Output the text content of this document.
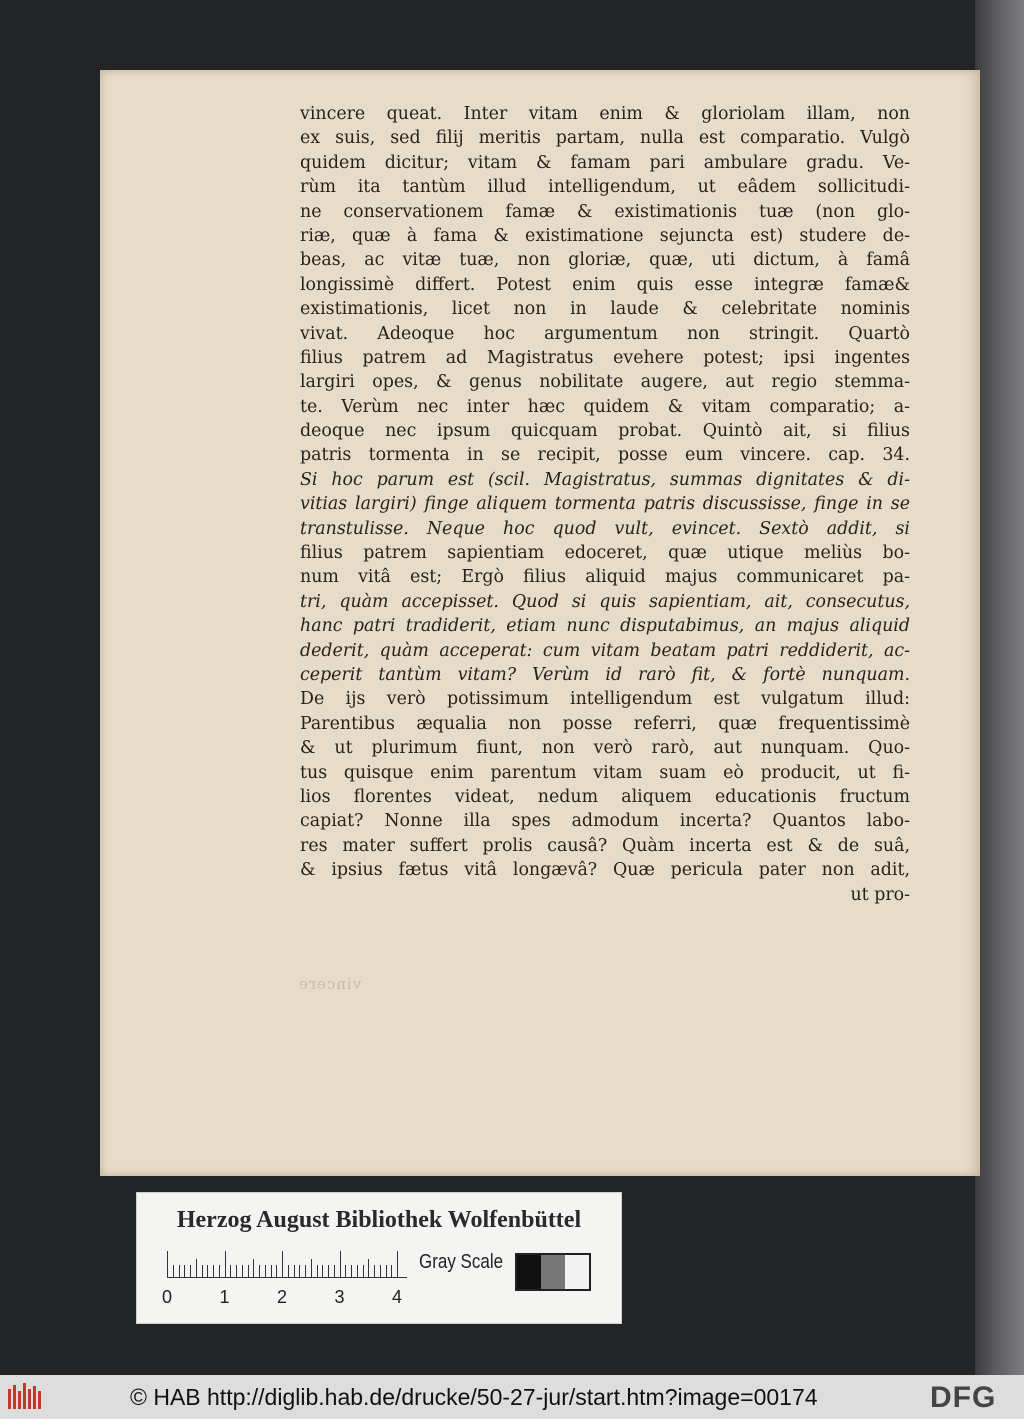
vincere queat. Inter vitam enim & gloriolam illam, non
ex suis, sed filij meritis partam, nulla est comparatio. Vulgò
quidem dicitur; vitam & famam pari ambulare gradu. Ve-
rùm ita tantùm illud intelligendum, ut eâdem sollicitudi-
ne conservationem famæ & existimationis tuæ (non glo-
riæ, quæ à fama & existimatione sejuncta est) studere de-
beas, ac vitæ tuæ, non gloriæ, quæ, uti dictum, à famâ
longissimè differt. Potest enim quis esse integræ famæ&
existimationis, licet non in laude & celebritate nominis
vivat. Adeoque hoc argumentum non stringit. Quartò
filius patrem ad Magistratus evehere potest; ipsi ingentes
largiri opes, & genus nobilitate augere, aut regio stemma-
te. Verùm nec inter hæc quidem & vitam comparatio; a-
deoque nec ipsum quicquam probat. Quintò ait, si filius
patris tormenta in se recipit, posse eum vincere. cap. 34.
Si hoc parum est (scil. Magistratus, summas dignitates & di-
vitias largiri) finge aliquem tormenta patris discussisse, finge in se
transtulisse. Neque hoc quod vult, evincet. Sextò addit, si
filius patrem sapientiam edoceret, quæ utique meliùs bo-
num vitâ est; Ergò filius aliquid majus communicaret pa-
tri, quàm accepisset. Quod si quis sapientiam, ait, consecutus,
hanc patri tradiderit, etiam nunc disputabimus, an majus aliquid
dederit, quàm acceperat: cum vitam beatam patri reddiderit, ac-
ceperit tantùm vitam? Verùm id rarò fit, & fortè nunquam.
De ijs verò potissimum intelligendum est vulgatum illud:
Parentibus æqualia non posse referri, quæ frequentissimè
& ut plurimum fiunt, non verò rarò, aut nunquam. Quo-
tus quisque enim parentum vitam suam eò producit, ut fi-
lios florentes videat, nedum aliquem educationis fructum
capiat? Nonne illa spes admodum incerta? Quantos labo-
res mater suffert prolis causâ? Quàm incerta est & de suâ,
& ipsius fætus vitâ longævâ? Quæ pericula pater non adit,
ut pro-
vincere
Herzog August Bibliothek Wolfenbüttel
0	1	2	3	4
Gray Scale
© HAB http://diglib.hab.de/drucke/50-27-jur/start.htm?image=00174	DFG
